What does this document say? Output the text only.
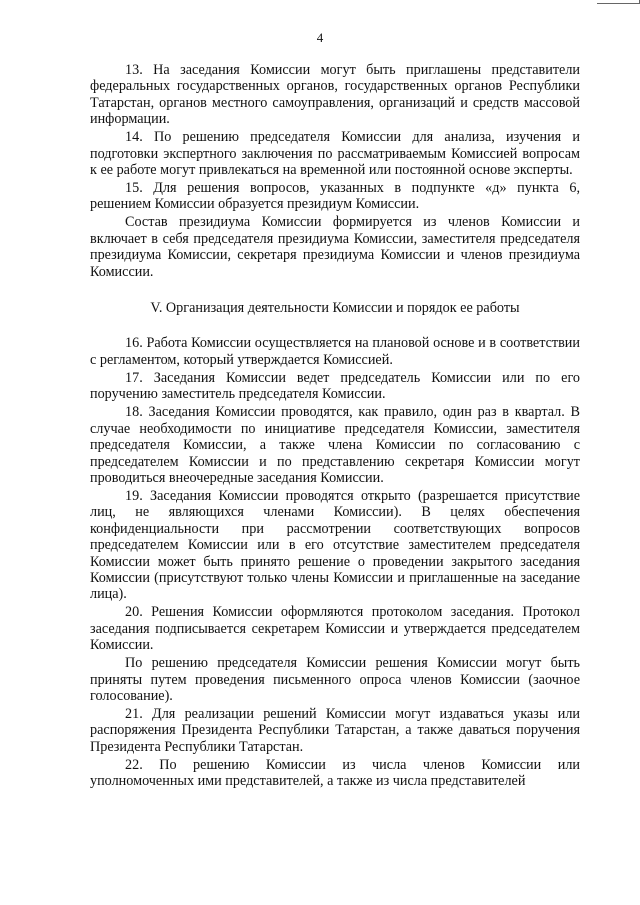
4

13. На заседания Комиссии могут быть приглашены представители федеральных государственных органов, государственных органов Республики Татарстан, органов местного самоуправления, организаций и средств массовой информации.

14. По решению председателя Комиссии для анализа, изучения и подготовки экспертного заключения по рассматриваемым Комиссией вопросам к ее работе могут привлекаться на временной или постоянной основе эксперты.

15. Для решения вопросов, указанных в подпункте «д» пункта 6, решением Комиссии образуется президиум Комиссии.

Состав президиума Комиссии формируется из членов Комиссии и включает в себя председателя президиума Комиссии, заместителя председателя президиума Комиссии, секретаря президиума Комиссии и членов президиума Комиссии.

V. Организация деятельности Комиссии и порядок ее работы

16. Работа Комиссии осуществляется на плановой основе и в соответствии с регламентом, который утверждается Комиссией.

17. Заседания Комиссии ведет председатель Комиссии или по его поручению заместитель председателя Комиссии.

18. Заседания Комиссии проводятся, как правило, один раз в квартал. В случае необходимости по инициативе председателя Комиссии, заместителя председателя Комиссии, а также члена Комиссии по согласованию с председателем Комиссии и по представлению секретаря Комиссии могут проводиться внеочередные заседания Комиссии.

19. Заседания Комиссии проводятся открыто (разрешается присутствие лиц, не являющихся членами Комиссии). В целях обеспечения конфиденциальности при рассмотрении соответствующих вопросов председателем Комиссии или в его отсутствие заместителем председателя Комиссии может быть принято решение о проведении закрытого заседания Комиссии (присутствуют только члены Комиссии и приглашенные на заседание лица).

20. Решения Комиссии оформляются протоколом заседания. Протокол заседания подписывается секретарем Комиссии и утверждается председателем Комиссии.

По решению председателя Комиссии решения Комиссии могут быть приняты путем проведения письменного опроса членов Комиссии (заочное голосование).

21. Для реализации решений Комиссии могут издаваться указы или распоряжения Президента Республики Татарстан, а также даваться поручения Президента Республики Татарстан.

22. По решению Комиссии из числа членов Комиссии или уполномоченных ими представителей, а также из числа представителей
